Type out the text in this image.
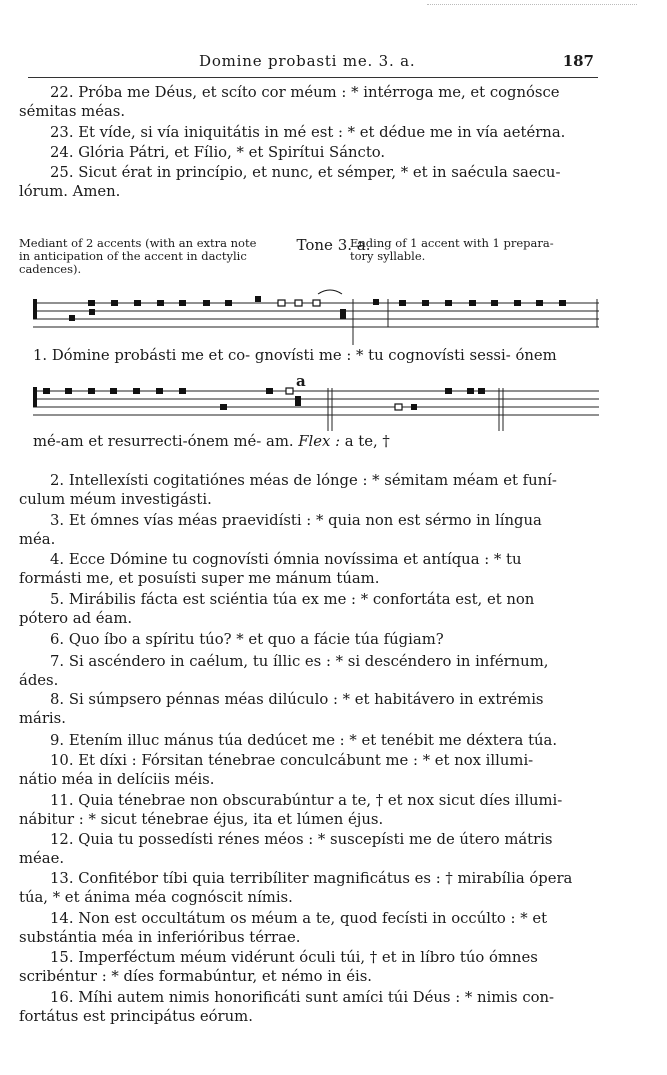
Domine probasti me. 3. a.	187
22. Próba me Déus, et scíto cor méum : * intérroga me, et cognósce
sémitas méas.
23. Et víde, si vía iniquitátis in mé est : * et dédue me in vía aetérna.
24. Glória Pátri, et Fílio, * et Spirítui Sáncto.
25. Sicut érat in princípio, et nunc, et sémper, * et in saécula saecu-
lórum. Amen.
Tone 3. a.
Mediant of 2 accents (with an extra note
in anticipation of the accent in dactylic
cadences).
Ending of 1 accent with 1 prepara-
tory syllable.
1. Dómine probásti me et co- gnovísti me : * tu cognovísti sessi- ónem
a
mé-am et resurrecti-ónem mé- am. Flex : a te, †
2. Intellexísti cogitatiónes méas de lónge : * sémitam méam et funí-
culum méum investigásti.
3. Et ómnes vías méas praevidísti : * quia non est sérmo in língua
méa.
4. Ecce Dómine tu cognovísti ómnia novíssima et antíqua : * tu
formásti me, et posuísti super me mánum túam.
5. Mirábilis fácta est sciéntia túa ex me : * confortáta est, et non
pótero ad éam.
6. Quo íbo a spíritu túo? * et quo a fácie túa fúgiam?
7. Si ascéndero in caélum, tu íllic es : * si descéndero in inférnum,
ádes.
8. Si súmpsero pénnas méas dilúculo : * et habitávero in extrémis
máris.
9. Etením illuc mánus túa dedúcet me : * et tenébit me déxtera túa.
10. Et díxi : Fórsitan ténebrae conculcábunt me : * et nox illumi-
nátio méa in delíciis méis.
11. Quia ténebrae non obscurabúntur a te, † et nox sicut díes illumi-
nábitur : * sicut ténebrae éjus, ita et lúmen éjus.
12. Quia tu possedísti rénes méos : * suscepísti me de útero mátris
méae.
13. Confitébor tíbi quia terribíliter magnificátus es : † mirabília ópera
túa, * et ánima méa cognóscit nímis.
14. Non est occultátum os méum a te, quod fecísti in occúlto : * et
substántia méa in inferióribus térrae.
15. Imperféctum méum vidérunt óculi túi, † et in líbro túo ómnes
scribéntur : * díes formabúntur, et némo in éis.
16. Míhi autem nimis honorificáti sunt amíci túi Déus : * nimis con-
fortátus est principátus eórum.
